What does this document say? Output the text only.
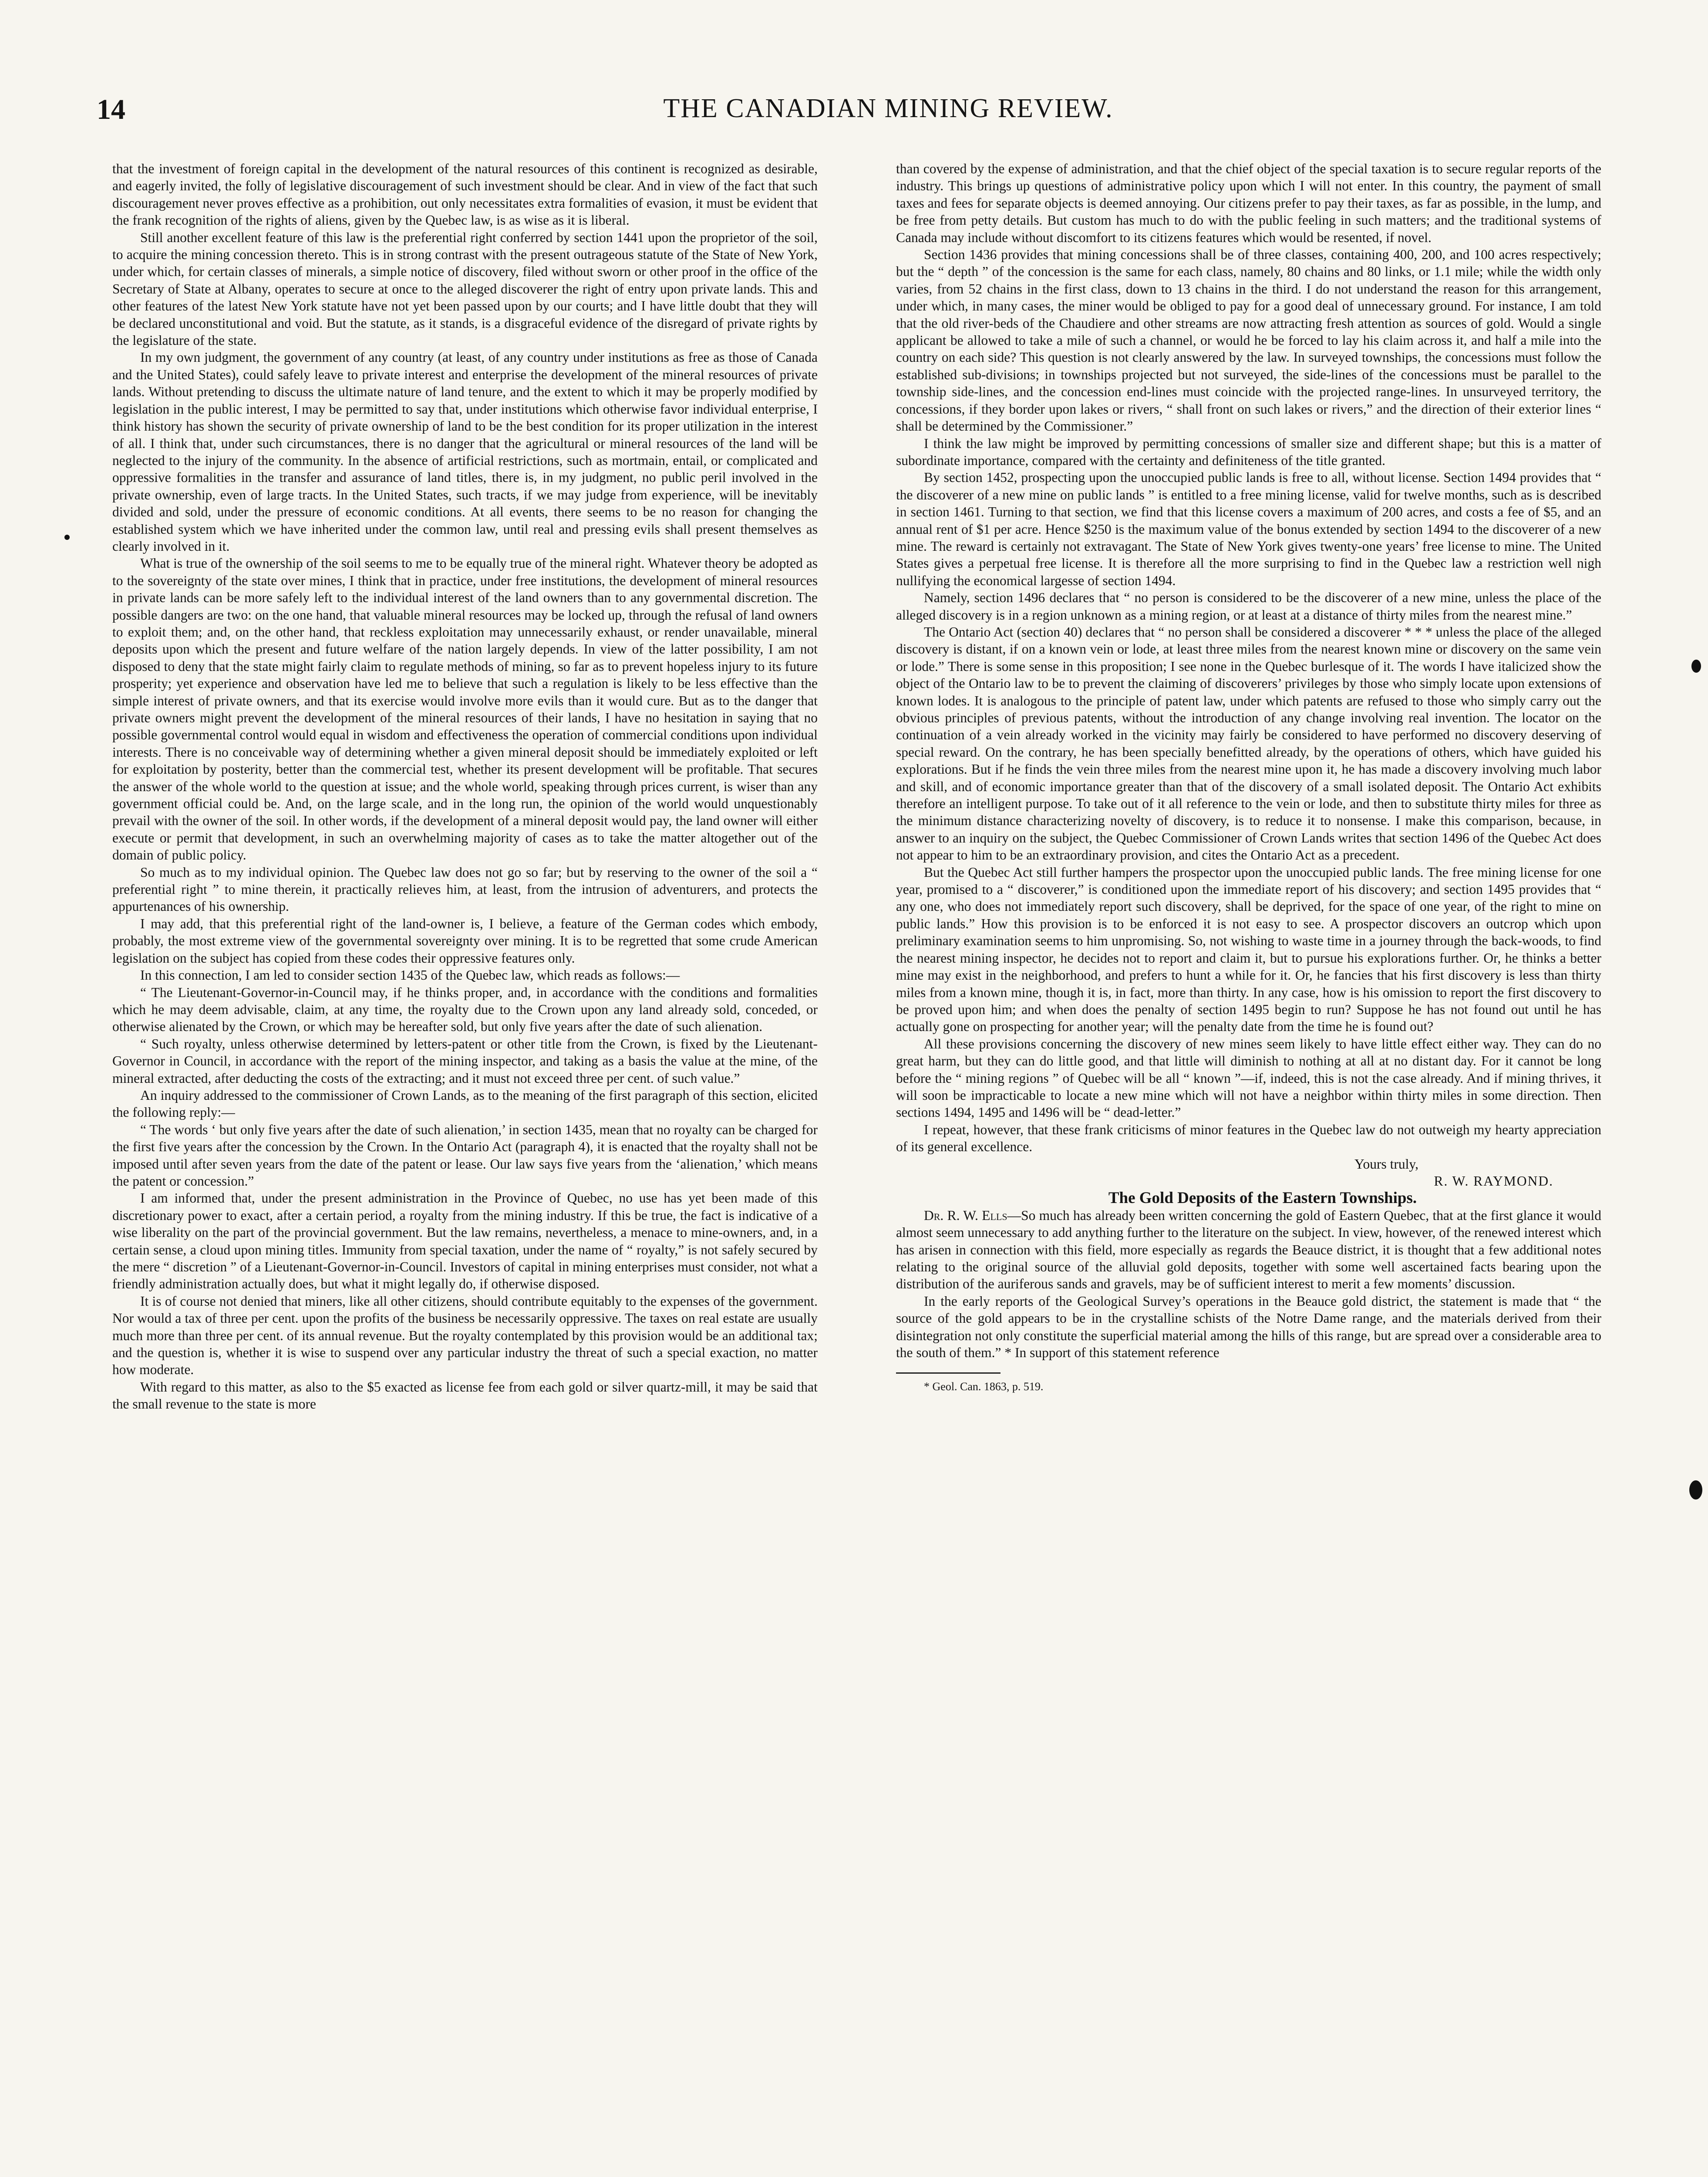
14	THE CANADIAN MINING REVIEW.

that the investment of foreign capital in the development of the natural resources of this continent is recognized as desirable, and eagerly invited, the folly of legislative discouragement of such investment should be clear. And in view of the fact that such discouragement never proves effective as a prohibition, out only necessitates extra formalities of evasion, it must be evident that the frank recognition of the rights of aliens, given by the Quebec law, is as wise as it is liberal.

Still another excellent feature of this law is the preferential right conferred by section 1441 upon the proprietor of the soil, to acquire the mining concession thereto. This is in strong contrast with the present outrageous statute of the State of New York, under which, for certain classes of minerals, a simple notice of discovery, filed without sworn or other proof in the office of the Secretary of State at Albany, operates to secure at once to the alleged discoverer the right of entry upon private lands. This and other features of the latest New York statute have not yet been passed upon by our courts; and I have little doubt that they will be declared unconstitutional and void. But the statute, as it stands, is a disgraceful evidence of the disregard of private rights by the legislature of the state.

In my own judgment, the government of any country (at least, of any country under institutions as free as those of Canada and the United States), could safely leave to private interest and enterprise the development of the mineral resources of private lands. Without pretending to discuss the ultimate nature of land tenure, and the extent to which it may be properly modified by legislation in the public interest, I may be permitted to say that, under institutions which otherwise favor individual enterprise, I think history has shown the security of private ownership of land to be the best condition for its proper utilization in the interest of all. I think that, under such circumstances, there is no danger that the agricultural or mineral resources of the land will be neglected to the injury of the community. In the absence of artificial restrictions, such as mortmain, entail, or complicated and oppressive formalities in the transfer and assurance of land titles, there is, in my judgment, no public peril involved in the private ownership, even of large tracts. In the United States, such tracts, if we may judge from experience, will be inevitably divided and sold, under the pressure of economic conditions. At all events, there seems to be no reason for changing the established system which we have inherited under the common law, until real and pressing evils shall present themselves as clearly involved in it.

What is true of the ownership of the soil seems to me to be equally true of the mineral right. Whatever theory be adopted as to the sovereignty of the state over mines, I think that in practice, under free institutions, the development of mineral resources in private lands can be more safely left to the individual interest of the land owners than to any governmental discretion. The possible dangers are two: on the one hand, that valuable mineral resources may be locked up, through the refusal of land owners to exploit them; and, on the other hand, that reckless exploitation may unnecessarily exhaust, or render unavailable, mineral deposits upon which the present and future welfare of the nation largely depends. In view of the latter possibility, I am not disposed to deny that the state might fairly claim to regulate methods of mining, so far as to prevent hopeless injury to its future prosperity; yet experience and observation have led me to believe that such a regulation is likely to be less effective than the simple interest of private owners, and that its exercise would involve more evils than it would cure. But as to the danger that private owners might prevent the development of the mineral resources of their lands, I have no hesitation in saying that no possible governmental control would equal in wisdom and effectiveness the operation of commercial conditions upon individual interests. There is no conceivable way of determining whether a given mineral deposit should be immediately exploited or left for exploitation by posterity, better than the commercial test, whether its present development will be profitable. That secures the answer of the whole world to the question at issue; and the whole world, speaking through prices current, is wiser than any government official could be. And, on the large scale, and in the long run, the opinion of the world would unquestionably prevail with the owner of the soil. In other words, if the development of a mineral deposit would pay, the land owner will either execute or permit that development, in such an overwhelming majority of cases as to take the matter altogether out of the domain of public policy.

So much as to my individual opinion. The Quebec law does not go so far; but by reserving to the owner of the soil a “ preferential right ” to mine therein, it practically relieves him, at least, from the intrusion of adventurers, and protects the appurtenances of his ownership.

I may add, that this preferential right of the land-owner is, I believe, a feature of the German codes which embody, probably, the most extreme view of the governmental sovereignty over mining. It is to be regretted that some crude American legislation on the subject has copied from these codes their oppressive features only.

In this connection, I am led to consider section 1435 of the Quebec law, which reads as follows:—

“ The Lieutenant-Governor-in-Council may, if he thinks proper, and, in accordance with the conditions and formalities which he may deem advisable, claim, at any time, the royalty due to the Crown upon any land already sold, conceded, or otherwise alienated by the Crown, or which may be hereafter sold, but only five years after the date of such alienation.

“ Such royalty, unless otherwise determined by letters-patent or other title from the Crown, is fixed by the Lieutenant-Governor in Council, in accordance with the report of the mining inspector, and taking as a basis the value at the mine, of the mineral extracted, after deducting the costs of the extracting; and it must not exceed three per cent. of such value.”

An inquiry addressed to the commissioner of Crown Lands, as to the meaning of the first paragraph of this section, elicited the following reply:—

“ The words ‘ but only five years after the date of such alienation,’ in section 1435, mean that no royalty can be charged for the first five years after the concession by the Crown. In the Ontario Act (paragraph 4), it is enacted that the royalty shall not be imposed until after seven years from the date of the patent or lease. Our law says five years from the ‘alienation,’ which means the patent or concession.”

I am informed that, under the present administration in the Province of Quebec, no use has yet been made of this discretionary power to exact, after a certain period, a royalty from the mining industry. If this be true, the fact is indicative of a wise liberality on the part of the provincial government. But the law remains, nevertheless, a menace to mine-owners, and, in a certain sense, a cloud upon mining titles. Immunity from special taxation, under the name of “ royalty,” is not safely secured by the mere “ discretion ” of a Lieutenant-Governor-in-Council. Investors of capital in mining enterprises must consider, not what a friendly administration actually does, but what it might legally do, if otherwise disposed.

It is of course not denied that miners, like all other citizens, should contribute equitably to the expenses of the government. Nor would a tax of three per cent. upon the profits of the business be necessarily oppressive. The taxes on real estate are usually much more than three per cent. of its annual revenue. But the royalty contemplated by this provision would be an additional tax; and the question is, whether it is wise to suspend over any particular industry the threat of such a special exaction, no matter how moderate.

With regard to this matter, as also to the $5 exacted as license fee from each gold or silver quartz-mill, it may be said that the small revenue to the state is more

than covered by the expense of administration, and that the chief object of the special taxation is to secure regular reports of the industry. This brings up questions of administrative policy upon which I will not enter. In this country, the payment of small taxes and fees for separate objects is deemed annoying. Our citizens prefer to pay their taxes, as far as possible, in the lump, and be free from petty details. But custom has much to do with the public feeling in such matters; and the traditional systems of Canada may include without discomfort to its citizens features which would be resented, if novel.

Section 1436 provides that mining concessions shall be of three classes, containing 400, 200, and 100 acres respectively; but the “ depth ” of the concession is the same for each class, namely, 80 chains and 80 links, or 1.1 mile; while the width only varies, from 52 chains in the first class, down to 13 chains in the third. I do not understand the reason for this arrangement, under which, in many cases, the miner would be obliged to pay for a good deal of unnecessary ground. For instance, I am told that the old river-beds of the Chaudiere and other streams are now attracting fresh attention as sources of gold. Would a single applicant be allowed to take a mile of such a channel, or would he be forced to lay his claim across it, and half a mile into the country on each side? This question is not clearly answered by the law. In surveyed townships, the concessions must follow the established sub-divisions; in townships projected but not surveyed, the side-lines of the concessions must be parallel to the township side-lines, and the concession end-lines must coincide with the projected range-lines. In unsurveyed territory, the concessions, if they border upon lakes or rivers, “ shall front on such lakes or rivers,” and the direction of their exterior lines “ shall be determined by the Commissioner.”

I think the law might be improved by permitting concessions of smaller size and different shape; but this is a matter of subordinate importance, compared with the certainty and definiteness of the title granted.

By section 1452, prospecting upon the unoccupied public lands is free to all, without license. Section 1494 provides that “ the discoverer of a new mine on public lands ” is entitled to a free mining license, valid for twelve months, such as is described in section 1461. Turning to that section, we find that this license covers a maximum of 200 acres, and costs a fee of $5, and an annual rent of $1 per acre. Hence $250 is the maximum value of the bonus extended by section 1494 to the discoverer of a new mine. The reward is certainly not extravagant. The State of New York gives twenty-one years’ free license to mine. The United States gives a perpetual free license. It is therefore all the more surprising to find in the Quebec law a restriction well nigh nullifying the economical largesse of section 1494.

Namely, section 1496 declares that “ no person is considered to be the discoverer of a new mine, unless the place of the alleged discovery is in a region unknown as a mining region, or at least at a distance of thirty miles from the nearest mine.”

The Ontario Act (section 40) declares that “ no person shall be considered a discoverer * * * unless the place of the alleged discovery is distant, if on a known vein or lode, at least three miles from the nearest known mine or discovery on the same vein or lode.” There is some sense in this proposition; I see none in the Quebec burlesque of it. The words I have italicized show the object of the Ontario law to be to prevent the claiming of discoverers’ privileges by those who simply locate upon extensions of known lodes. It is analogous to the principle of patent law, under which patents are refused to those who simply carry out the obvious principles of previous patents, without the introduction of any change involving real invention. The locator on the continuation of a vein already worked in the vicinity may fairly be considered to have performed no discovery deserving of special reward. On the contrary, he has been specially benefitted already, by the operations of others, which have guided his explorations. But if he finds the vein three miles from the nearest mine upon it, he has made a discovery involving much labor and skill, and of economic importance greater than that of the discovery of a small isolated deposit. The Ontario Act exhibits therefore an intelligent purpose. To take out of it all reference to the vein or lode, and then to substitute thirty miles for three as the minimum distance characterizing novelty of discovery, is to reduce it to nonsense. I make this comparison, because, in answer to an inquiry on the subject, the Quebec Commissioner of Crown Lands writes that section 1496 of the Quebec Act does not appear to him to be an extraordinary provision, and cites the Ontario Act as a precedent.

But the Quebec Act still further hampers the prospector upon the unoccupied public lands. The free mining license for one year, promised to a “ discoverer,” is conditioned upon the immediate report of his discovery; and section 1495 provides that “ any one, who does not immediately report such discovery, shall be deprived, for the space of one year, of the right to mine on public lands.” How this provision is to be enforced it is not easy to see. A prospector discovers an outcrop which upon preliminary examination seems to him unpromising. So, not wishing to waste time in a journey through the back-woods, to find the nearest mining inspector, he decides not to report and claim it, but to pursue his explorations further. Or, he thinks a better mine may exist in the neighborhood, and prefers to hunt a while for it. Or, he fancies that his first discovery is less than thirty miles from a known mine, though it is, in fact, more than thirty. In any case, how is his omission to report the first discovery to be proved upon him; and when does the penalty of section 1495 begin to run? Suppose he has not found out until he has actually gone on prospecting for another year; will the penalty date from the time he is found out?

All these provisions concerning the discovery of new mines seem likely to have little effect either way. They can do no great harm, but they can do little good, and that little will diminish to nothing at all at no distant day. For it cannot be long before the “ mining regions ” of Quebec will be all “ known ”—if, indeed, this is not the case already. And if mining thrives, it will soon be impracticable to locate a new mine which will not have a neighbor within thirty miles in some direction. Then sections 1494, 1495 and 1496 will be “ dead-letter.”

I repeat, however, that these frank criticisms of minor features in the Quebec law do not outweigh my hearty appreciation of its general excellence.

Yours truly,

R. W. RAYMOND.

The Gold Deposits of the Eastern Townships.

Dr. R. W. Ells—So much has already been written concerning the gold of Eastern Quebec, that at the first glance it would almost seem unnecessary to add anything further to the literature on the subject. In view, however, of the renewed interest which has arisen in connection with this field, more especially as regards the Beauce district, it is thought that a few additional notes relating to the original source of the alluvial gold deposits, together with some well ascertained facts bearing upon the distribution of the auriferous sands and gravels, may be of sufficient interest to merit a few moments’ discussion.

In the early reports of the Geological Survey’s operations in the Beauce gold district, the statement is made that “ the source of the gold appears to be in the crystalline schists of the Notre Dame range, and the materials derived from their disintegration not only constitute the superficial material among the hills of this range, but are spread over a considerable area to the south of them.” * In support of this statement reference

* Geol. Can. 1863, p. 519.
